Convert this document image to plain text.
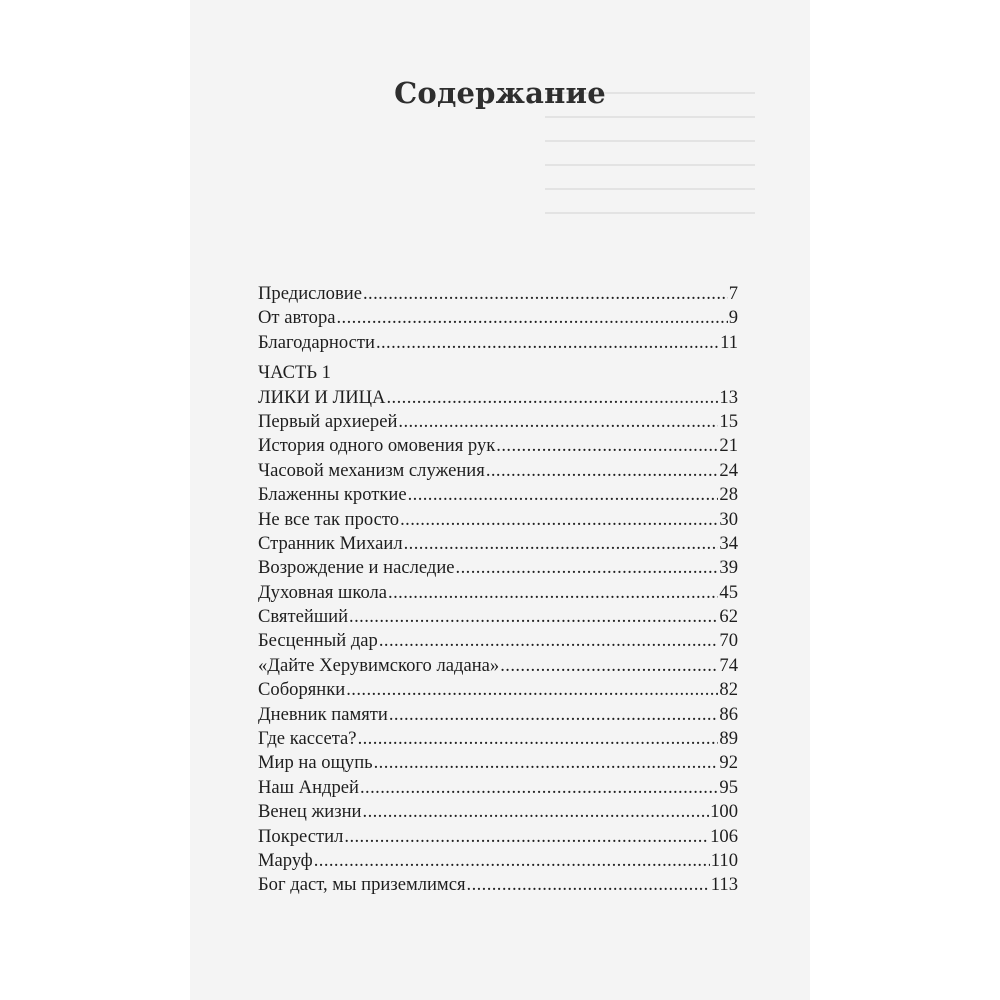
Содержание
Предисловие .....	7
От автора .....	9
Благодарности .....	11
ЧАСТЬ 1
ЛИКИ И ЛИЦА .....	13
Первый архиерей .....	15
История одного омовения рук .....	21
Часовой механизм служения .....	24
Блаженны кроткие .....	28
Не все так просто .....	30
Странник Михаил .....	34
Возрождение и наследие .....	39
Духовная школа .....	45
Святейший .....	62
Бесценный дар .....	70
«Дайте Херувимского ладана» .....	74
Соборянки .....	82
Дневник памяти .....	86
Где кассета? .....	89
Мир на ощупь .....	92
Наш Андрей .....	95
Венец жизни .....	100
Покрестил .....	106
Маруф .....	110
Бог даст, мы приземлимся .....	113
